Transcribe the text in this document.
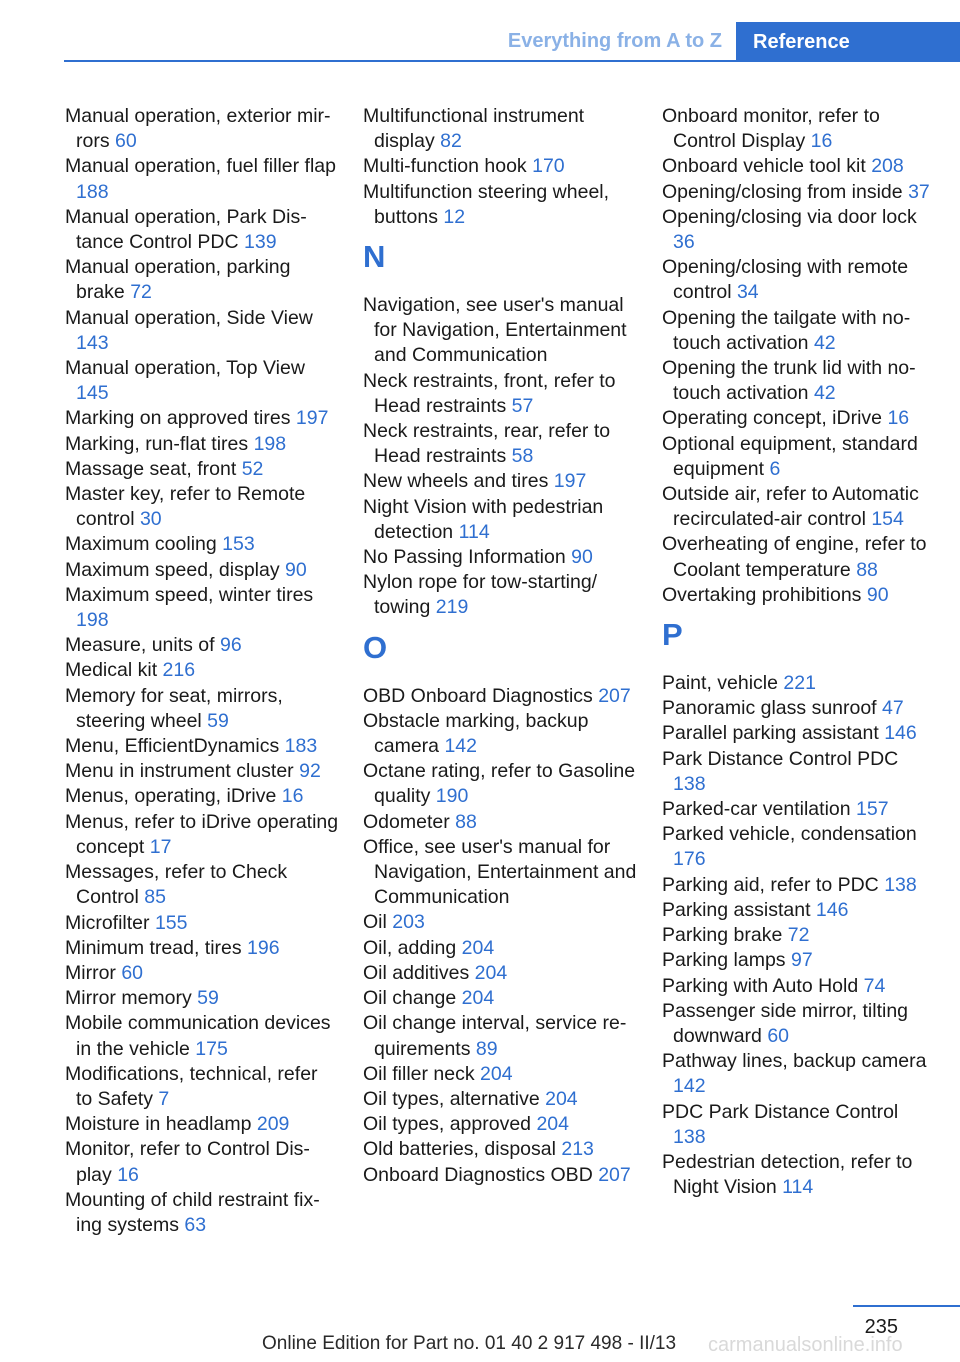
Everything from A to Z	Reference
Manual operation, exterior mirrors 60
Manual operation, fuel filler flap 188
Manual operation, Park Distance Control PDC 139
Manual operation, parking brake 72
Manual operation, Side View 143
Manual operation, Top View 145
Marking on approved tires 197
Marking, run-flat tires 198
Massage seat, front 52
Master key, refer to Remote control 30
Maximum cooling 153
Maximum speed, display 90
Maximum speed, winter tires 198
Measure, units of 96
Medical kit 216
Memory for seat, mirrors, steering wheel 59
Menu, EfficientDynamics 183
Menu in instrument cluster 92
Menus, operating, iDrive 16
Menus, refer to iDrive operating concept 17
Messages, refer to Check Control 85
Microfilter 155
Minimum tread, tires 196
Mirror 60
Mirror memory 59
Mobile communication devices in the vehicle 175
Modifications, technical, refer to Safety 7
Moisture in headlamp 209
Monitor, refer to Control Display 16
Mounting of child restraint fixing systems 63
Multifunctional instrument display 82
Multi-function hook 170
Multifunction steering wheel, buttons 12
N
Navigation, see user's manual for Navigation, Entertainment and Communication
Neck restraints, front, refer to Head restraints 57
Neck restraints, rear, refer to Head restraints 58
New wheels and tires 197
Night Vision with pedestrian detection 114
No Passing Information 90
Nylon rope for tow-starting/ towing 219
O
OBD Onboard Diagnostics 207
Obstacle marking, backup camera 142
Octane rating, refer to Gasoline quality 190
Odometer 88
Office, see user's manual for Navigation, Entertainment and Communication
Oil 203
Oil, adding 204
Oil additives 204
Oil change 204
Oil change interval, service requirements 89
Oil filler neck 204
Oil types, alternative 204
Oil types, approved 204
Old batteries, disposal 213
Onboard Diagnostics OBD 207
Onboard monitor, refer to Control Display 16
Onboard vehicle tool kit 208
Opening/closing from inside 37
Opening/closing via door lock 36
Opening/closing with remote control 34
Opening the tailgate with no-touch activation 42
Opening the trunk lid with no-touch activation 42
Operating concept, iDrive 16
Optional equipment, standard equipment 6
Outside air, refer to Automatic recirculated-air control 154
Overheating of engine, refer to Coolant temperature 88
Overtaking prohibitions 90
P
Paint, vehicle 221
Panoramic glass sunroof 47
Parallel parking assistant 146
Park Distance Control PDC 138
Parked-car ventilation 157
Parked vehicle, condensation 176
Parking aid, refer to PDC 138
Parking assistant 146
Parking brake 72
Parking lamps 97
Parking with Auto Hold 74
Passenger side mirror, tilting downward 60
Pathway lines, backup camera 142
PDC Park Distance Control 138
Pedestrian detection, refer to Night Vision 114
235
Online Edition for Part no. 01 40 2 917 498 - II/13 carmanualsonline.info
